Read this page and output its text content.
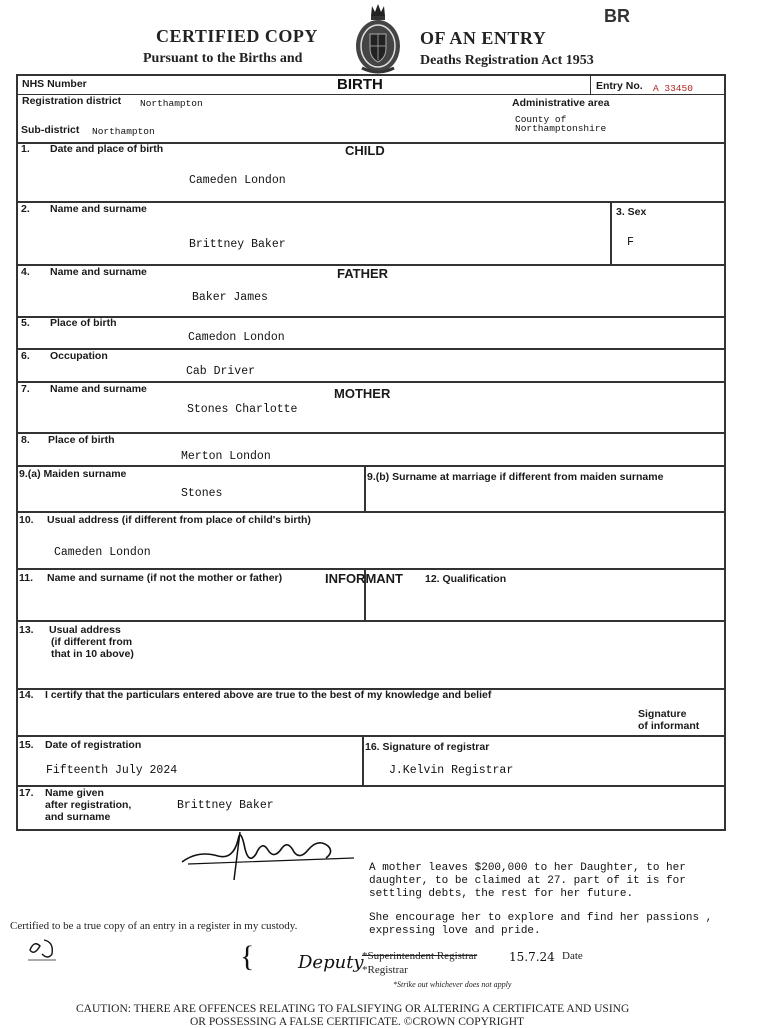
CERTIFIED COPY	OF AN ENTRY
Pursuant to the Births and	Deaths Registration Act 1953
BR
NHS Number	BIRTH	Entry No. A 33450
Registration district Northampton	Administrative area
County of
Northamptonshire
Sub-district Northampton
CHILD
1. Date and place of birth
Cameden London
2. Name and surname
Brittney Baker
3. Sex
F
FATHER
4. Name and surname
Baker James
5. Place of birth
Camedon London
6. Occupation
Cab Driver
MOTHER
7. Name and surname
Stones Charlotte
8. Place of birth
Merton London
9.(a) Maiden surname
Stones
9.(b) Surname at marriage if different from maiden surname
10. Usual address (if different from place of child's birth)
Cameden London
11. Name and surname (if not the mother or father)	INFORMANT 12. Qualification
13. Usual address
(if different from
that in 10 above)
14. I certify that the particulars entered above are true to the best of my knowledge and belief
Signature
of informant
15. Date of registration
Fifteenth July 2024
16. Signature of registrar
J.Kelvin Registrar
17. Name given
after registration,
and surname
Brittney Baker
A mother leaves $200,000 to her Daughter, to her daughter, to be claimed at 27. part of it is for settling debts, the rest for her future.
She encourage her to explore and find her passions , expressing love and pride.
Certified to be a true copy of an entry in a register in my custody.
{ Deputy
*Superintendent Registrar
*Registrar
*Strike out whichever does not apply
15.7.24 Date
CAUTION: THERE ARE OFFENCES RELATING TO FALSIFYING OR ALTERING A CERTIFICATE AND USING
OR POSSESSING A FALSE CERTIFICATE. ©CROWN COPYRIGHT
